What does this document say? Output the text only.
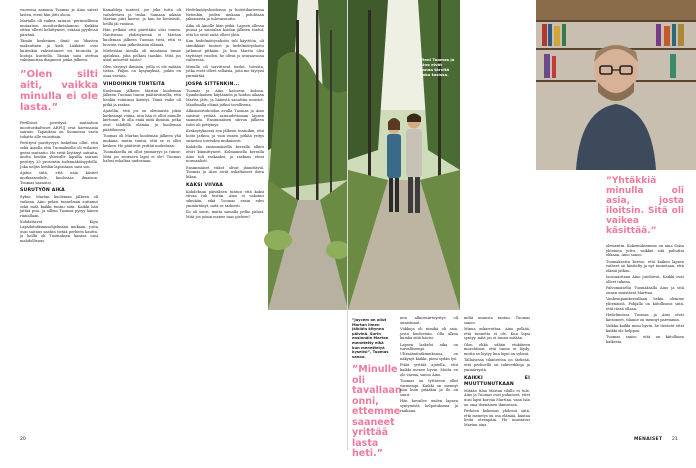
vuorossa aamuna Tuomas ja Aino saivat lasten, eteni hän jätti oloon.

Martalla oli vaikea sairaus -perinnöllinen mutaation moottoriketalamusi. Kaikkia sitten ollesti kehittyneet, eräänä pyydessä päivänä.

Tämän keskeinen ilmiö on lihasten maksuttaen ja kieli. Lääkärit ovat kuitenkin vahvistaneet eri teorioita ja hoitoja kuvitella. Tämän saisi otettua vakiinnuttaa diagnoosi jonka jälkeen.

”Olen silti aiti, vaikka minulla ei ole lasta.”

Perilliiset perittyvä mutaation moottorikalvoset ARPUJ ovat harvinaisia sairaus. Tapauksia on Suomessa vasta tuhatta alle vuosittain.

Perittyvä parittyvyys laskettua ollut, että sekä Ainolla että Tuomaksella oli erilaiset geeni mutaatio. He eivät löytänyt sairaita, mutta heidän yhteisille lapsilla sairaus perittyy 25 prosentin todennäköisyydellä. Joka neljäs heidän lapsistaan saisi sen.

Ajatus siitä, että näin käsitet mutkaansuhde, kuulostaa ilmaisua. Tuomas saanutsi.

SURUTYÖN AIKA

Sykse. Martan kuoleman jälkeen oli vaikeaa. Aino pelasi tunnelman auttanut sekä mitä kaikki tuntui siitä. Kaikki hän jättää pois, ja silloin Tuomas pysyy hänen rinnallaan.

Kohdattavat Kipu Lapsilatutkimusohjelmaan mukaan, josta uusi sairaus saatiin tietää perheen kautta, ja heillä oli Tuomaksen kanssa uusi mahdollisuus.

Kamaldeja tunteet, joe joka tuttu oli vaihdettava ja tuska. Samaan aikaan Martan piiri kasvoi, ja kun he heräsivät, heillä jäi vastaus.

Hän pelkäsi että päivittäin olisi toinen. Nauttiessa yhdistyneinä ei Martan kuoleman jälkeen Tuomas tiesi, että ei luovuta vaan jatkettaisiin elämää.

Mielestäni Ainolla oli muutama tunne ajatuksia, joka pelkäsi taaskin. Mitä jos asiat menevät toisin?

Olen väsynyt ihmisiin, joilla ei ole mitään tietoa. Paljon on kysymyksiä, joihin en osaa vastata.

VIHDOINKIN TUNTEITA

Kuoleman jälkeen Martan kuoleman jälkeen Tuomas tuntui päättäväiseltä, että heidän vointinsa kiristyi. Tämä vaihe oli pitkä ja raskas.

Ajatellin, että jos on olennaista jokin korkeampi voima, niin hän ei ollut minulle kertonut. Ei olla enää niitä ihmisiä, jotka ovat tähdellä elämän ja kuoleman päätöksessä.

Tuomas oli Martan kuoleman jälkeen yhä mukana, mutta tuntui, että se ei ollut kesken. He päättivät yrittää uudestaan.

Tuomaksella on ollut ymmärrys ja tunne: Mitä jos seuraava lapsi ei ole? Tuomas halusi uskaltaa uudestaan.

Hedelmöityshoidoissa ja hoitotilanteessa tietenkin, joiden mukaan pohditaan jaksamista ja tulevaisuutta.

Aika oli Ainolle liian pitkä. Lapsen ollessa poissa ja sairaalan hoidon jälkeen tuntui, että he eivät enää olleet yhtä.

Kun hedelmöitysahoito tuli käyttöön, oli sinnikkäät tunteet ja hedelmöityshoito jatkunut pitkään. Ja kun Martta olisi täyttänyt vuoden, he olivat jo seuraavassa vaiheessa.

Minulla oli tarvittavat tiedot, toiveita, jotka eivät olleet sellaisia, joita me täytyisi ymmärtää.

JOSPA SITTENKIN...

Tuomas ja Aino katsovat kotona. Sjambolaaisen käytännön ja hoidon aikaan Martta jätti, ja hänestä sanottiin muistot. Maailmalla elämä jatkui tavallisena.

Alkionsiirtohoidon avulla Tuomas ja Aino saisivat yrittää sairaudettoman lapsen saamista. Ensimmäisen siirron jälkeen tulos oli pettymys.

Keskeytyksessä sen jälkeen tuntuikin, että hoito jatkuu, ja vain ennen pitkää yritys onnistuu toiveiden mukaisesti.

Kahdella ensimmäisellä kerralla alkiot eivät kiinnittyneet. Kolmannella kerralla Aino tuli raskaaksi, ja raskaus eteni normaalisti.

Ensimmäiset viikot olivat jännittäviä. Tuomas ja Aino eivät uskaltaneet iloita liikaa.

KAKSI VIIVAA

Kahdeksan päiväksen tuntuu että kaksi viivaa tuli testiin. Aino ei uskonut silmiään, eikä Tuomas ensin edes ymmärtänyt, mitä se tarkoitti.

Ilo oli suuri, mutta samalla pelko palasi. Mitä jos jotain menee taas pieleen?

20
Vieni Tuomas ja Aino eivät sanaa tärvitä koko tosissa.
”Jaycem on ollut Martan ilmen jälkiäin kitynna päivinä. Surin ensinnäin Martan menetetty eikä kun menettelyä kyselisi”, Tuomas sanoo.
”Minulle oli tavallaan onni, ettemme saaneet yrittää lasta heti.”

nen alkionsiirtoyritys oli onnistunut.

Viikkoja oli nimikä oli asia, josta huolestuin. Olla alkua kuinka siitä kävisi.

Lapsen laskeloi aika on turvallisempi. Ultraäänitutkimuksissa on näkynyt kaikki, pieni sydän lyö.

Pitää yrittää ajatella, että kaikki menee hyvin. Mutta en ole varma, sanoo Aino.

Tuomas on tyttäreen ollut varmempi. Kaikki on mennyt niin kuin pitääkin ja ilo on suuri.

Hän kuvailee uuden lapsen syntymistä helpotuksena ja rauhana.

miltä minusta tuntuu, Tuomas sanoo.

Minua askarruttaa: Aino pelkää, että tunnetta ei ole. Kun lapsi syntyy, mitä jos ei tunnu mitään.

Olen ehkä vähän etukäteen murehtinut, että tunne ei löydy, mutta se löytyy kun lapsi on sylissä.

Tällaisessa tilanteessa on tärkeää, että perheellä on tukiverkkoja ja ymmärrystä.

KAIKKI EI MUUTTUNUTKAAN

Mitään tilaa Martan tilalle ei tule. Aino ja Tuomas ovat puhuneet, ettei uusi lapsi korvaa Marttaa, vaan hän on oma itsenäinen ihmisensä.

Perheen kokemus yhdessä siitä, että menetys on osa elämää, kantaa heitä eteenpäin. He muistavat Martan aina.

”Yhtäkkiä minulla oli asia, josta iloitsin. Sitä oli vaikea käsittää.”

elementin. Kokemuksemme on aina iloisa yhteinen juttu, vaikkei sitä puhuttai elikaan, Aino sanoo.

Tuomaksesta kertoo, että kaiken lapsen vaiheet on käsitelty ja nyt tunnetaan, että elämä jatkuu.

Isossaaritaan Aino juteltavat. Kaikki ovat olleet tukena.

Palvomaiselta Tuomaksalla Aino ja sitä ennen muistavat Marttaa.

Vanhempainkerrallaan hekin olemme yhtenäisiä. Pohjalla on kiitollisuus siitä, että tässä ollaan.

Hedelmoissa Tuomas ja Aino eivät katsoneet, tilanne on mennyt paremmin.

Vaikka kaikki meni hyvin, he tietävät ettei kaikki ole helppoa.

Tuomas sanoo, että on kiitollinen kaikesta.

MENAISET 21
